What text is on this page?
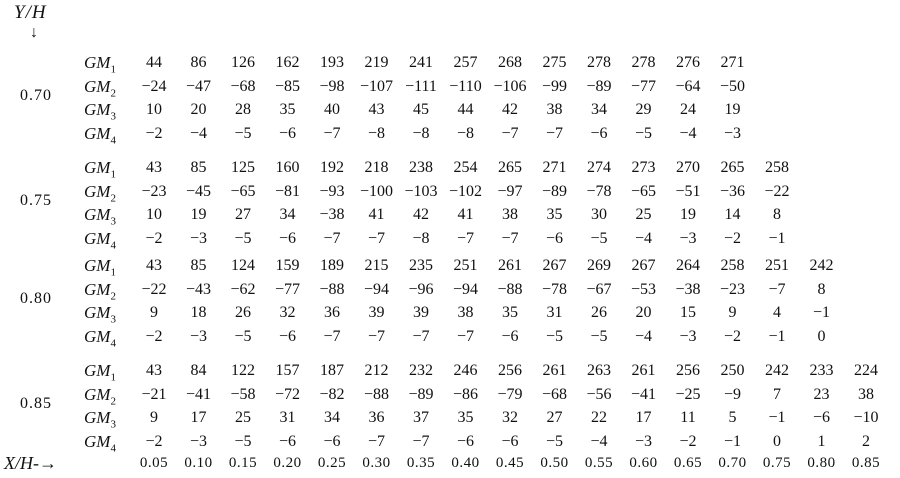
Y/H
↓
0.70
$GM_1$	44	86	126	162	193	219	241	257	268	275	278	278	276	271
$GM_2$	−24	−47	−68	−85	−98 −107 −111 −110 −106 −99	−89	−77	−64	−50
$GM_3$	10	20	28	35	40	43	45	44	42	38	34	29	24	19
$GM_4$	−2	−4	−5	−6	−7	−8	−8	−8	−7	−7	−6	−5	−4	−3
0.75
$GM_1$	43	85	125	160	192	218	238	254	265	271	274	273	270	265	258
$GM_2$	−23	−45	−65	−81	−93 −100 −103 −102 −97	−89	−78	−65	−51	−36	−22
$GM_3$	10	19	27	34	−38	41	42	41	38	35	30	25	19	14	8
$GM_4$	−2	−3	−5	−6	−7	−7	−8	−7	−7	−6	−5	−4	−3	−2	−1
0.80
$GM_1$	43	85	124	159	189	215	235	251	261	267	269	267	264	258	251	242
$GM_2$	−22	−43	−62	−77	−88	−94	−96	−94	−88	−78	−67	−53	−38	−23	−7	8
$GM_3$	9	18	26	32	36	39	39	38	35	31	26	20	15	9	4	−1
$GM_4$	−2	−3	−5	−6	−7	−7	−7	−7	−6	−5	−5	−4	−3	−2	−1	0
0.85
$GM_1$	43	84	122	157	187	212	232	246	256	261	263	261	256	250	242	233	224
$GM_2$	−21	−41	−58	−72	−82	−88	−89	−86	−79	−68	−56	−41	−25	−9	7	23	38
$GM_3$	9	17	25	31	34	36	37	35	32	27	22	17	11	5	−1	−6	−10
$GM_4$	−2	−3	−5	−6	−6	−7	−7	−6	−6	−5	−4	−3	−2	−1	0	1	2
X/H-→	0.05	0.10	0.15	0.20	0.25	0.30	0.35	0.40	0.45	0.50	0.55	0.60	0.65	0.70	0.75	0.80	0.85
